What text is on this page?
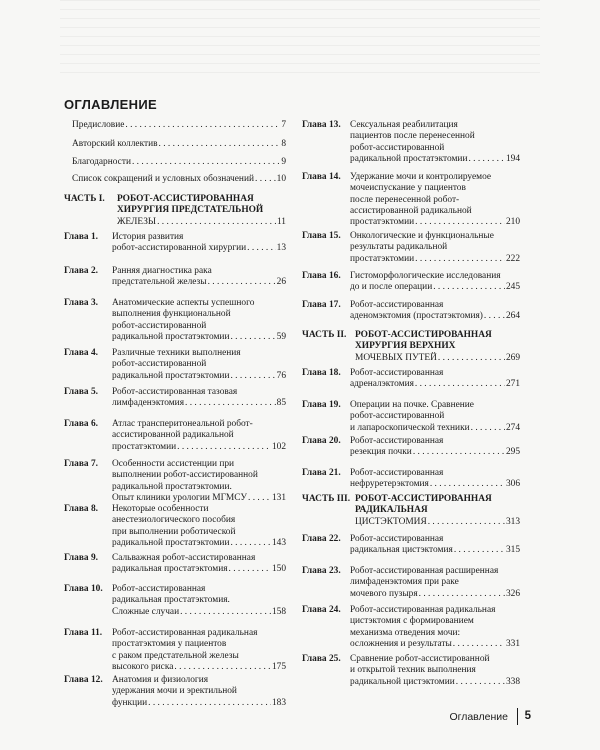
ОГЛАВЛЕНИЕ
Предисловие . . .	7
Авторский коллектив . . .	8
Благодарности . . .	9
Список сокращений и условных обозначений . . . 10
ЧАСТЬ I. РОБОТ-АССИСТИРОВАННАЯ
ХИРУРГИЯ ПРЕДСТАТЕЛЬНОЙ
ЖЕЛЕЗЫ . . .	11
Глава 1. История развития
робот-ассистированной хирургии . . .	13
Глава 2. Ранняя диагностика рака
предстательной железы . . .	26
Глава 3. Анатомические аспекты успешного
выполнения функциональной
робот-ассистированной
радикальной простатэктомии . . .	59
Глава 4. Различные техники выполнения
робот-ассистированной
радикальной простатэктомии . . .	76
Глава 5. Робот-ассистированная тазовая
лимфаденэктомия . . .	85
Глава 6. Атлас трансперитонеальной робот-
ассистированной радикальной
простатэктомии . . .	102
Глава 7. Особенности ассистенции при
выполнении робот-ассистированной
радикальной простатэктомии.
Опыт клиники урологии МГМСУ . . .	131
Глава 8. Некоторые особенности
анестезиологического пособия
при выполнении роботической
радикальной простатэктомии . . .	143
Глава 9. Сальважная робот-ассистированная
радикальная простатэктомия . . .	150
Глава 10. Робот-ассистированная
радикальная простатэктомия.
Сложные случаи . . .	158
Глава 11. Робот-ассистированная радикальная
простатэктомия у пациентов
с раком предстательной железы
высокого риска . . .	175
Глава 12. Анатомия и физиология
удержания мочи и эректильной
функции . . .	183
Глава 13. Сексуальная реабилитация
пациентов после перенесенной
робот-ассистированной
радикальной простатэктомии . . .	194
Глава 14. Удержание мочи и контролируемое
мочеиспускание у пациентов
после перенесенной робот-
ассистированной радикальной
простатэктомии . . .	210
Глава 15. Онкологические и функциональные
результаты радикальной
простатэктомии . . .	222
Глава 16. Гистоморфологические исследования
до и после операции . . .	245
Глава 17. Робот-ассистированная
аденомэктомия (простатэктомия) . . . 264
ЧАСТЬ II. РОБОТ-АССИСТИРОВАННАЯ
ХИРУРГИЯ ВЕРХНИХ
МОЧЕВЫХ ПУТЕЙ . . .	269
Глава 18. Робот-ассистированная
адреналэктомия . . .	271
Глава 19. Операции на почке. Сравнение
робот-ассистированной
и лапароскопической техники . . .	274
Глава 20. Робот-ассистированная
резекция почки . . .	295
Глава 21. Робот-ассистированная
нефруретерэктомия . . .	306
ЧАСТЬ III. РОБОТ-АССИСТИРОВАННАЯ
РАДИКАЛЬНАЯ
ЦИСТЭКТОМИЯ . . .	313
Глава 22. Робот-ассистированная
радикальная цистэктомия . . .	315
Глава 23. Робот-ассистированная расширенная
лимфаденэктомия при раке
мочевого пузыря . . .	326
Глава 24. Робот-ассистированная радикальная
цистэктомия с формированием
механизма отведения мочи:
осложнения и результаты . . .	331
Глава 25. Сравнение робот-ассистированной
и открытой техник выполнения
радикальной цистэктомии . . .	338
Оглавление 5
